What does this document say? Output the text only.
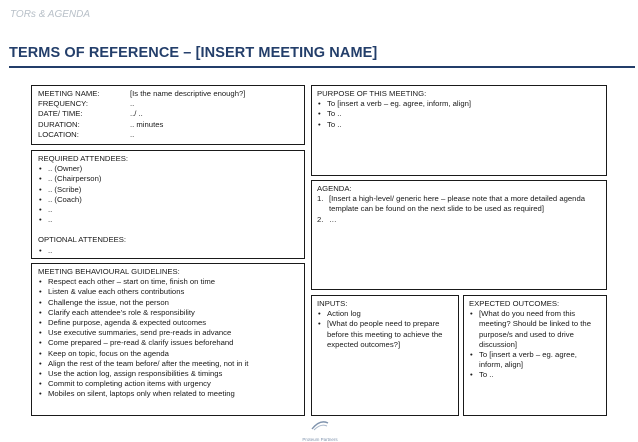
TORs & AGENDA
TERMS OF REFERENCE – [INSERT MEETING NAME]
MEETING NAME:	[Is the name descriptive enough?]
FREQUENCY:	..
DATE/ TIME:	../ ..
DURATION:	.. minutes
LOCATION:	..
PURPOSE OF THIS MEETING:
• To [insert a verb – eg. agree, inform, align]
• To ..
• To ..
REQUIRED ATTENDEES:
• .. (Owner)
• .. (Chairperson)
• .. (Scribe)
• .. (Coach)
• ..
• ..
OPTIONAL ATTENDEES:
• ..
AGENDA:
1. [Insert a high-level/ generic here – please note that a more detailed agenda template can be found on the next slide to be used as required]
2. …
MEETING BEHAVIOURAL GUIDELINES:
• Respect each other – start on time, finish on time
• Listen & value each others contributions
• Challenge the issue, not the person
• Clarify each attendee’s role & responsibility
• Define purpose, agenda & expected outcomes
• Use executive summaries, send pre-reads in advance
• Come prepared – pre-read & clarify issues beforehand
• Keep on topic, focus on the agenda
• Align the rest of the team before/ after the meeting, not in it
• Use the action log, assign responsibilities & timings
• Commit to completing action items with urgency
• Mobiles on silent, laptops only when related to meeting
INPUTS:
• Action log
• [What do people need to prepare before this meeting to achieve the expected outcomes?]
EXPECTED OUTCOMES:
• [What do you need from this meeting? Should be linked to the purpose/s and used to drive discussion]
• To [insert a verb – eg. agree, inform, align]
• To ..
Proteum Partners
